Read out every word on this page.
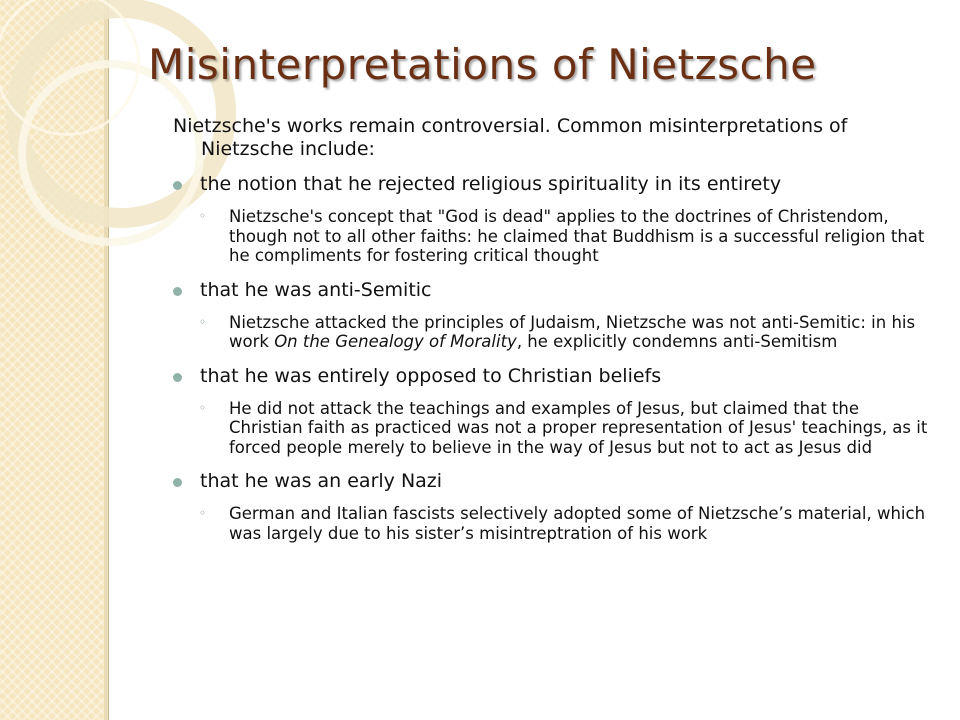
Misinterpretations of Nietzsche

Nietzsche's works remain controversial. Common misinterpretations of Nietzsche include:

the notion that he rejected religious spirituality in its entirety
◦ Nietzsche's concept that "God is dead" applies to the doctrines of Christendom, though not to all other faiths: he claimed that Buddhism is a successful religion that he compliments for fostering critical thought
that he was anti-Semitic
◦ Nietzsche attacked the principles of Judaism, Nietzsche was not anti-Semitic: in his work On the Genealogy of Morality, he explicitly condemns anti-Semitism
that he was entirely opposed to Christian beliefs
◦ He did not attack the teachings and examples of Jesus, but claimed that the Christian faith as practiced was not a proper representation of Jesus' teachings, as it forced people merely to believe in the way of Jesus but not to act as Jesus did
that he was an early Nazi
◦ German and Italian fascists selectively adopted some of Nietzsche’s material, which was largely due to his sister’s misintreptration of his work
